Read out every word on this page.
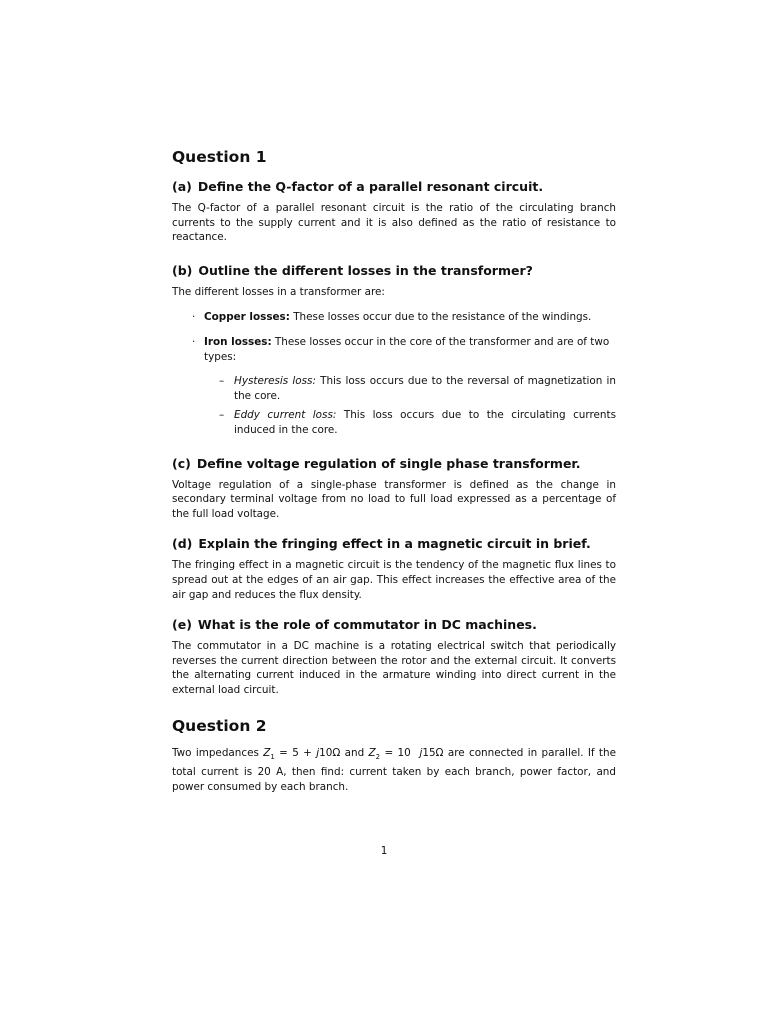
Question 1
(a) Define the Q-factor of a parallel resonant circuit.

The Q-factor of a parallel resonant circuit is the ratio of the circulating branch currents to the supply current and it is also defined as the ratio of resistance to reactance.

(b) Outline the different losses in the transformer?

The different losses in a transformer are:

· Copper losses: These losses occur due to the resistance of the windings.
· Iron losses: These losses occur in the core of the transformer and are of two types:
– Hysteresis loss: This loss occurs due to the reversal of magnetization in the core.
– Eddy current loss: This loss occurs due to the circulating currents induced in the core.
(c) Define voltage regulation of single phase transformer.

Voltage regulation of a single-phase transformer is defined as the change in secondary terminal voltage from no load to full load expressed as a percentage of the full load voltage.

(d) Explain the fringing effect in a magnetic circuit in brief.

The fringing effect in a magnetic circuit is the tendency of the magnetic flux lines to spread out at the edges of an air gap. This effect increases the effective area of the air gap and reduces the flux density.

(e) What is the role of commutator in DC machines.

The commutator in a DC machine is a rotating electrical switch that periodically reverses the current direction between the rotor and the external circuit. It converts the alternating current induced in the armature winding into direct current in the external load circuit.

Question 2

Two impedances $Z_1 = 5 + j10\Omega$ and $Z_2 = 10$  j15Ω are connected in parallel. If the total current is 20 A, then find: current taken by each branch, power factor, and power consumed by each branch.

1
